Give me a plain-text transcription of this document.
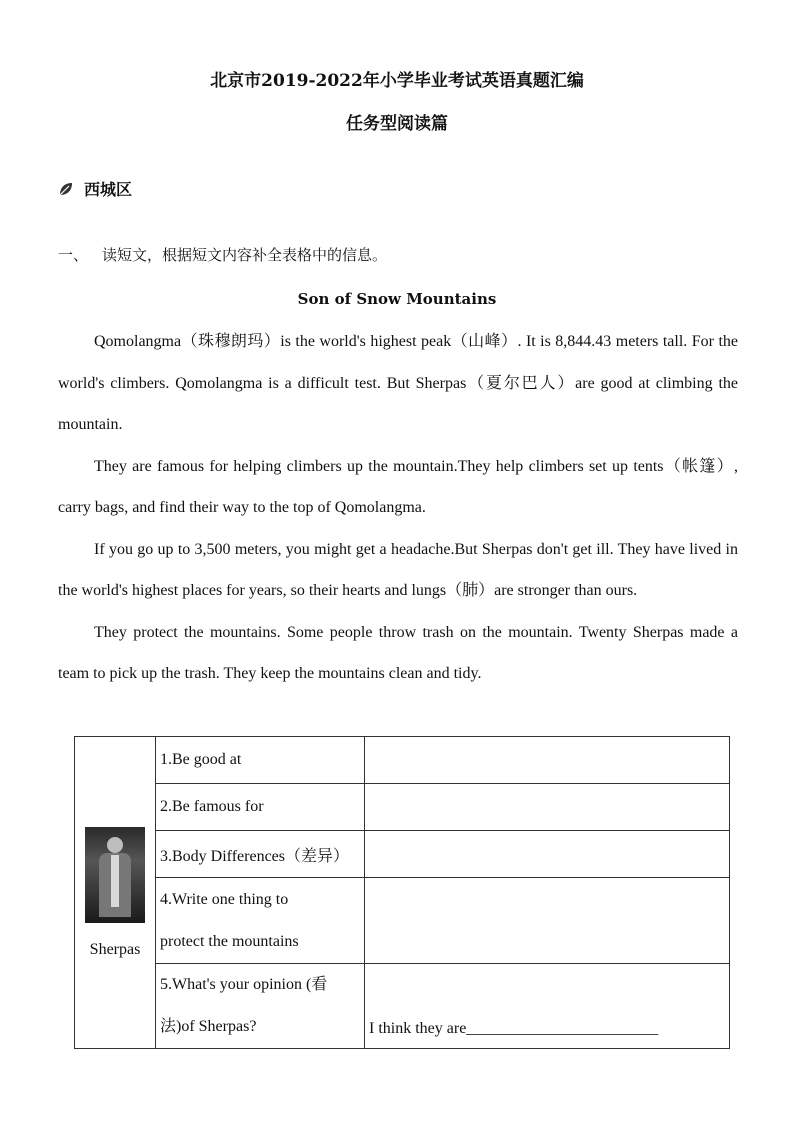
北京市2019-2022年小学毕业考试英语真题汇编
任务型阅读篇
西城区
一、 读短文，根据短文内容补全表格中的信息。
Son of Snow Mountains

Qomolangma（珠穆朗玛）is the world's highest peak（山峰）. It is 8,844.43 meters tall. For the world's climbers. Qomolangma is a difficult test. But Sherpas（夏尔巴人）are good at climbing the mountain.

They are famous for helping climbers up the mountain.They help climbers set up tents（帐篷）, carry bags, and find their way to the top of Qomolangma.

If you go up to 3,500 meters, you might get a headache.But Sherpas don't get ill. They have lived in the world's highest places for years, so their hearts and lungs（肺）are stronger than ours.

They protect the mountains. Some people throw trash on the mountain. Twenty Sherpas made a team to pick up the trash. They keep the mountains clean and tidy.

Sherpas	1.Be good at	
	2.Be famous for	
	3.Body Differences（差异）	
	4.Write one thing to
protect the mountains	
	5.What's your opinion (看
法)of Sherpas?	I think they are________________________
